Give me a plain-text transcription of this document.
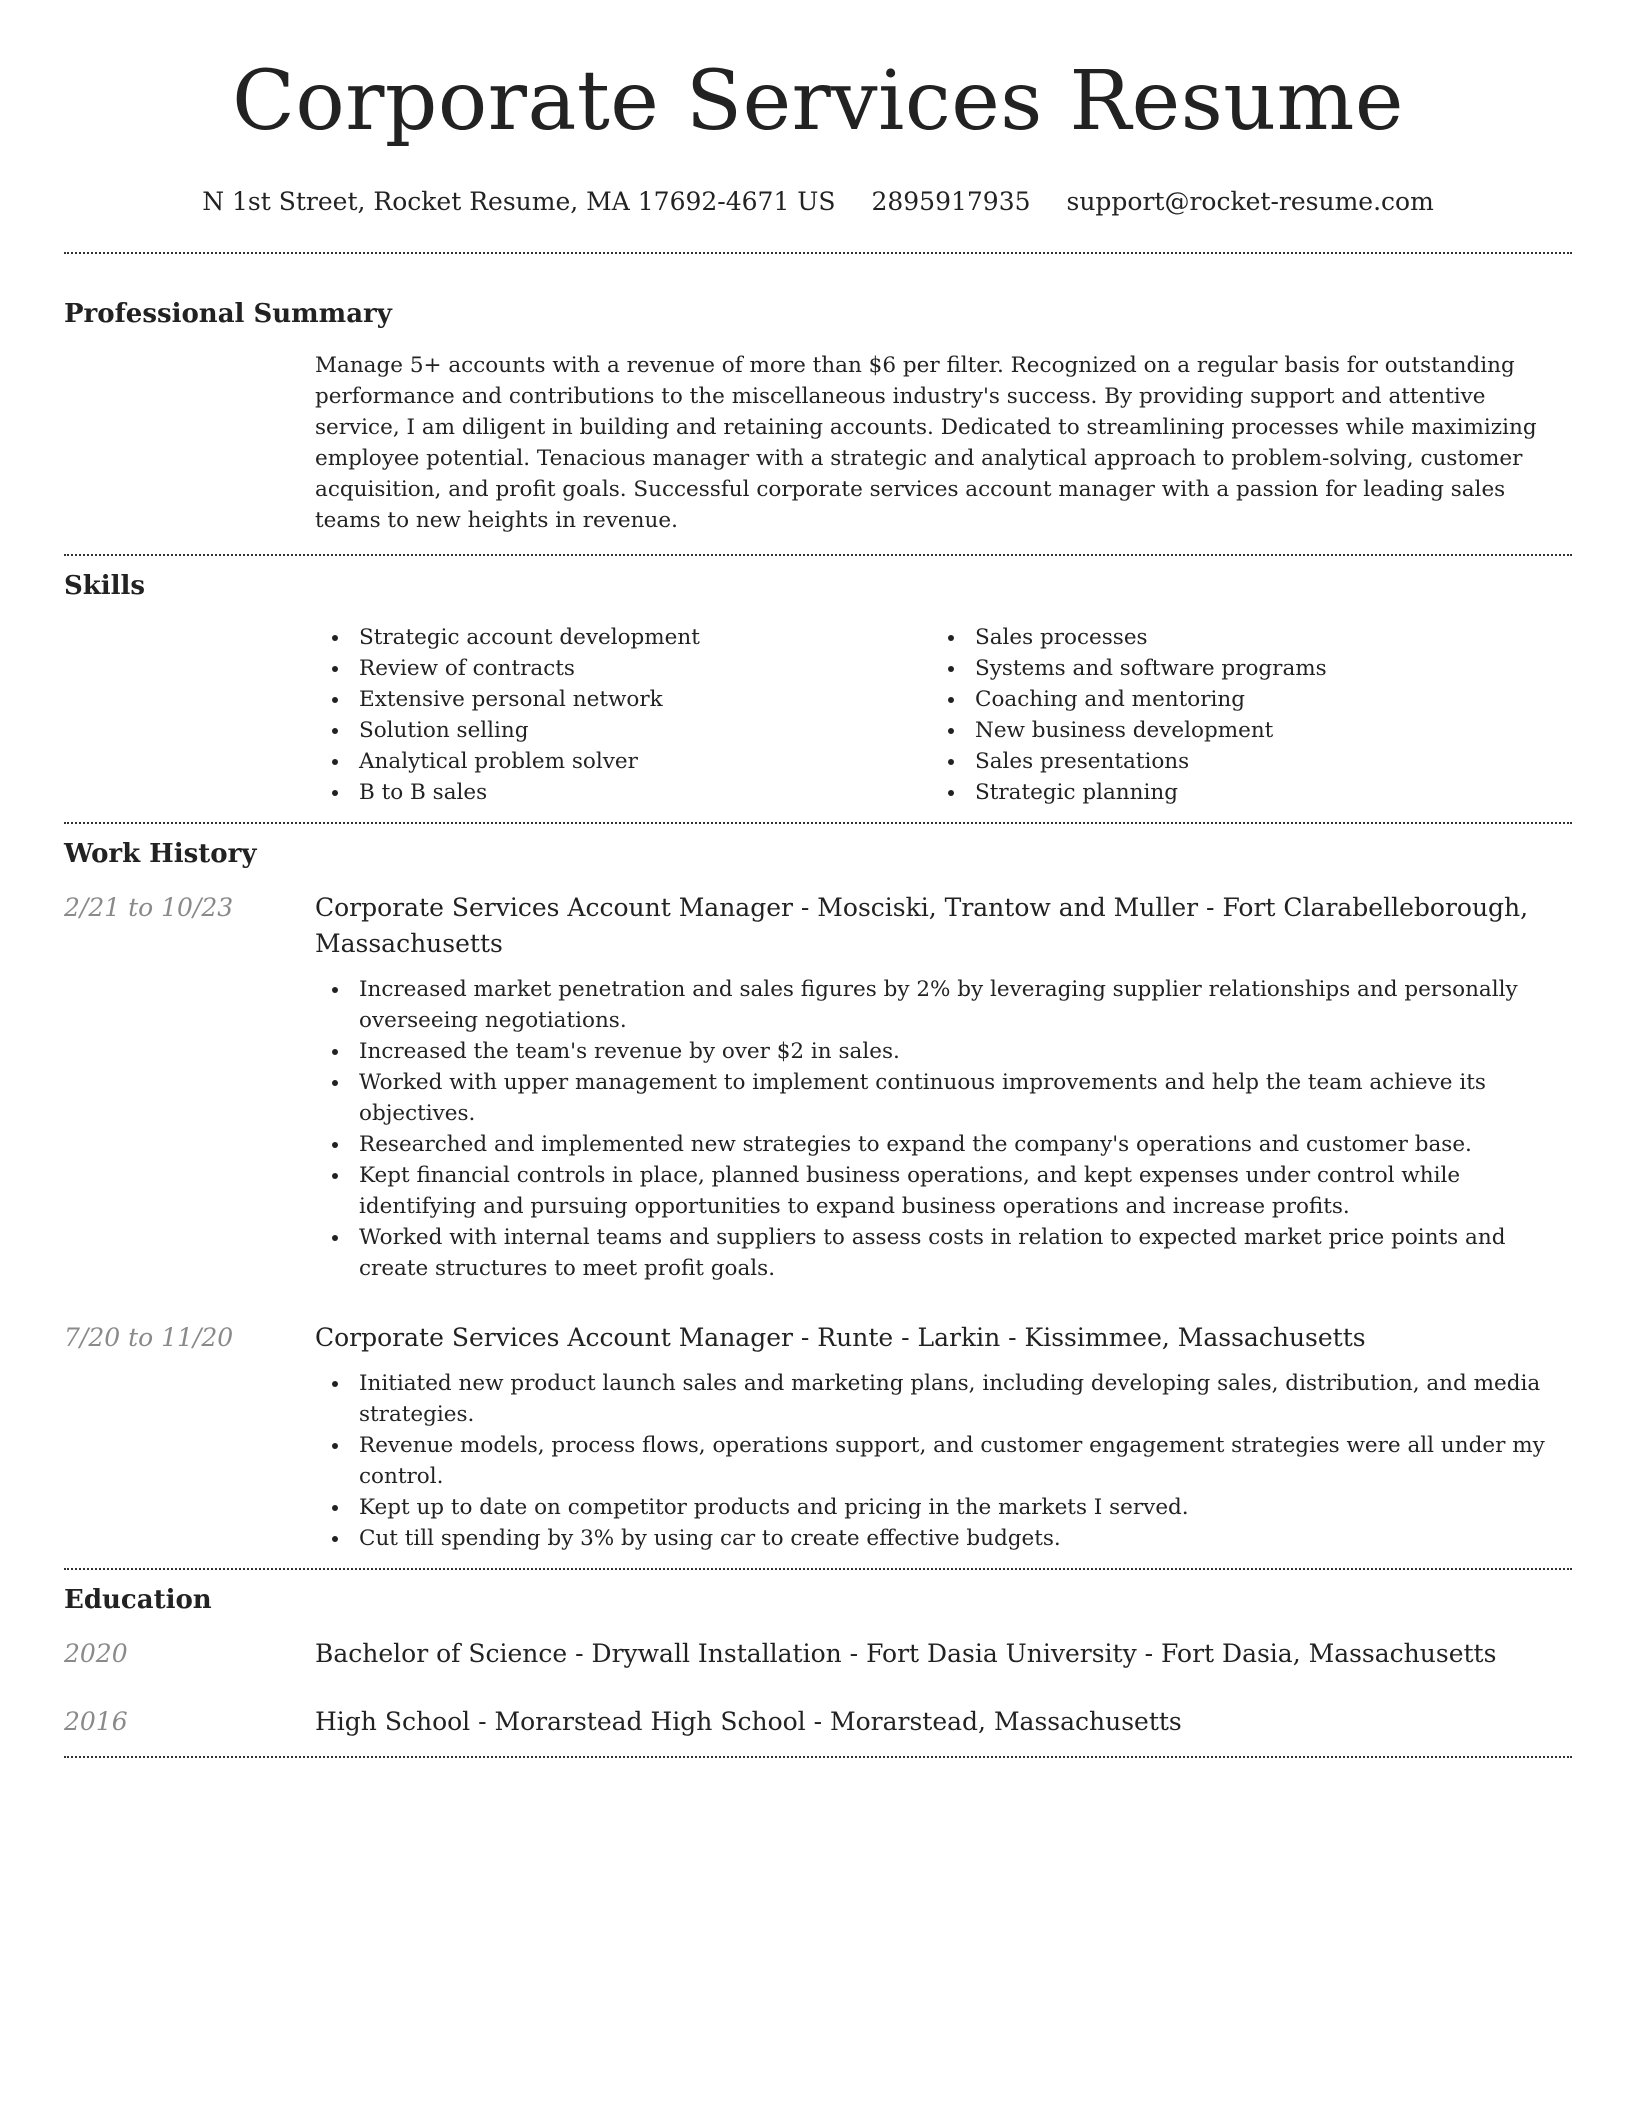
Corporate Services Resume
N 1st Street, Rocket Resume, MA 17692-4671 US 2895917935 support@rocket-resume.com
Professional Summary

Manage 5+ accounts with a revenue of more than $6 per filter. Recognized on a regular basis for outstanding performance and contributions to the miscellaneous industry's success. By providing support and attentive service, I am diligent in building and retaining accounts. Dedicated to streamlining processes while maximizing employee potential. Tenacious manager with a strategic and analytical approach to problem-solving, customer acquisition, and profit goals. Successful corporate services account manager with a passion for leading sales teams to new heights in revenue.

Skills
Strategic account development
Review of contracts
Extensive personal network
Solution selling
Analytical problem solver
B to B sales
Sales processes
Systems and software programs
Coaching and mentoring
New business development
Sales presentations
Strategic planning
Work History
2/21 to 10/23	Corporate Services Account Manager - Mosciski, Trantow and Muller - Fort Clarabelleborough, Massachusetts
Increased market penetration and sales figures by 2% by leveraging supplier relationships and personally overseeing negotiations.
Increased the team's revenue by over $2 in sales.
Worked with upper management to implement continuous improvements and help the team achieve its objectives.
Researched and implemented new strategies to expand the company's operations and customer base.
Kept financial controls in place, planned business operations, and kept expenses under control while identifying and pursuing opportunities to expand business operations and increase profits.
Worked with internal teams and suppliers to assess costs in relation to expected market price points and create structures to meet profit goals.
7/20 to 11/20	Corporate Services Account Manager - Runte - Larkin - Kissimmee, Massachusetts
Initiated new product launch sales and marketing plans, including developing sales, distribution, and media strategies.
Revenue models, process flows, operations support, and customer engagement strategies were all under my control.
Kept up to date on competitor products and pricing in the markets I served.
Cut till spending by 3% by using car to create effective budgets.
Education
2020	Bachelor of Science - Drywall Installation - Fort Dasia University - Fort Dasia, Massachusetts
2016	High School - Morarstead High School - Morarstead, Massachusetts
